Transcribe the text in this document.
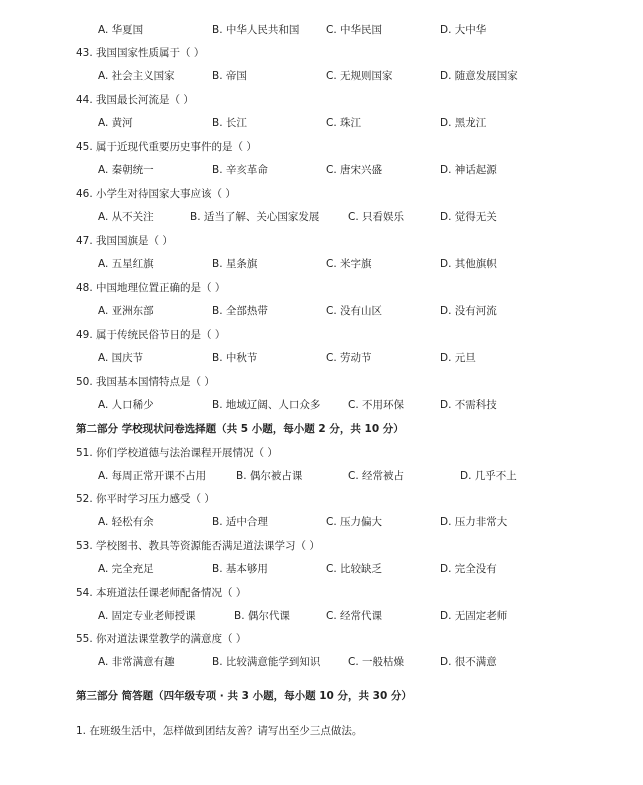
A. 华夏国	B. 中华人民共和国	C. 中华民国	D. 大中华
43. 我国国家性质属于（ ）
A. 社会主义国家	B. 帝国	C. 无规则国家	D. 随意发展国家
44. 我国最长河流是（ ）
A. 黄河	B. 长江	C. 珠江	D. 黑龙江
45. 属于近现代重要历史事件的是（ ）
A. 秦朝统一	B. 辛亥革命	C. 唐宋兴盛	D. 神话起源
46. 小学生对待国家大事应该（ ）
A. 从不关注	B. 适当了解、关心国家发展	C. 只看娱乐	D. 觉得无关
47. 我国国旗是（ ）
A. 五星红旗	B. 星条旗	C. 米字旗	D. 其他旗帜
48. 中国地理位置正确的是（ ）
A. 亚洲东部	B. 全部热带	C. 没有山区	D. 没有河流
49. 属于传统民俗节日的是（ ）
A. 国庆节	B. 中秋节	C. 劳动节	D. 元旦
50. 我国基本国情特点是（ ）
A. 人口稀少	B. 地域辽阔、人口众多	C. 不用环保	D. 不需科技
第二部分 学校现状问卷选择题（共 5 小题，每小题 2 分，共 10 分）
51. 你们学校道德与法治课程开展情况（ ）
A. 每周正常开课不占用	B. 偶尔被占课	C. 经常被占	D. 几乎不上
52. 你平时学习压力感受（ ）
A. 轻松有余	B. 适中合理	C. 压力偏大	D. 压力非常大
53. 学校图书、教具等资源能否满足道法课学习（ ）
A. 完全充足	B. 基本够用	C. 比较缺乏	D. 完全没有
54. 本班道法任课老师配备情况（ ）
A. 固定专业老师授课	B. 偶尔代课	C. 经常代课	D. 无固定老师
55. 你对道法课堂教学的满意度（ ）
A. 非常满意有趣	B. 比较满意能学到知识	C. 一般枯燥	D. 很不满意
第三部分 简答题（四年级专项 · 共 3 小题，每小题 10 分，共 30 分）
1. 在班级生活中，怎样做到团结友善？请写出至少三点做法。
